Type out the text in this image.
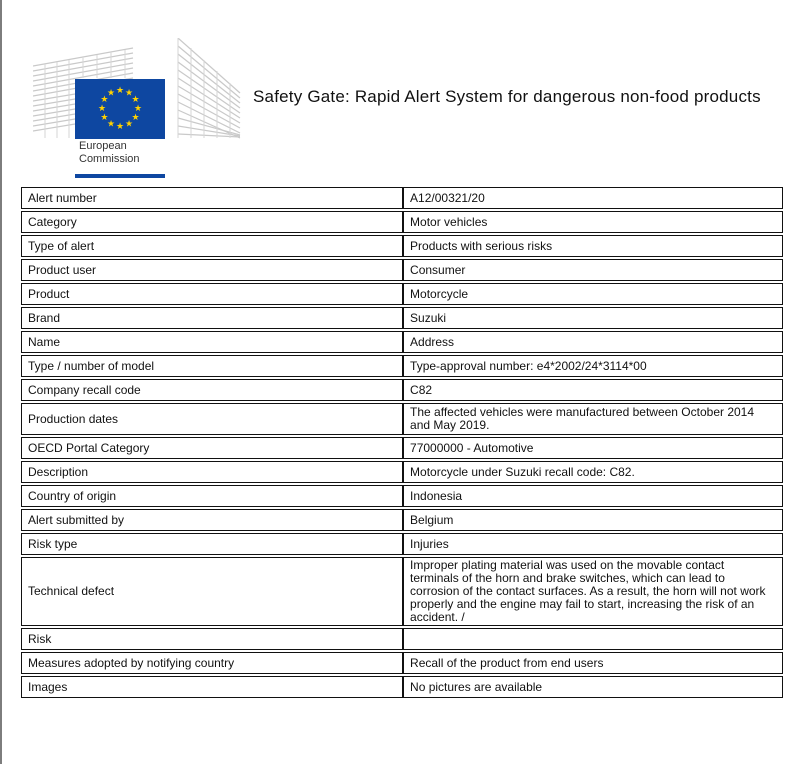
★ ★
★
★
★
★
★
★
★
★
★
★
European
Commission
Safety Gate: Rapid Alert System for dangerous non-food products
Alert number	A12/00321/20
Category	Motor vehicles
Type of alert	Products with serious risks
Product user	Consumer
Product	Motorcycle
Brand	Suzuki
Name	Address
Type / number of model	Type-approval number: e4*2002/24*3114*00
Company recall code	C82
Production dates	The affected vehicles were manufactured between October 2014 and May 2019.
OECD Portal Category	77000000 - Automotive
Description	Motorcycle under Suzuki recall code: C82.
Country of origin	Indonesia
Alert submitted by	Belgium
Risk type	Injuries
Technical defect	Improper plating material was used on the movable contact terminals of the horn and brake switches, which can lead to corrosion of the contact surfaces. As a result, the horn will not work properly and the engine may fail to start, increasing the risk of an accident. /
Risk	
Measures adopted by notifying country	Recall of the product from end users
Images	No pictures are available
